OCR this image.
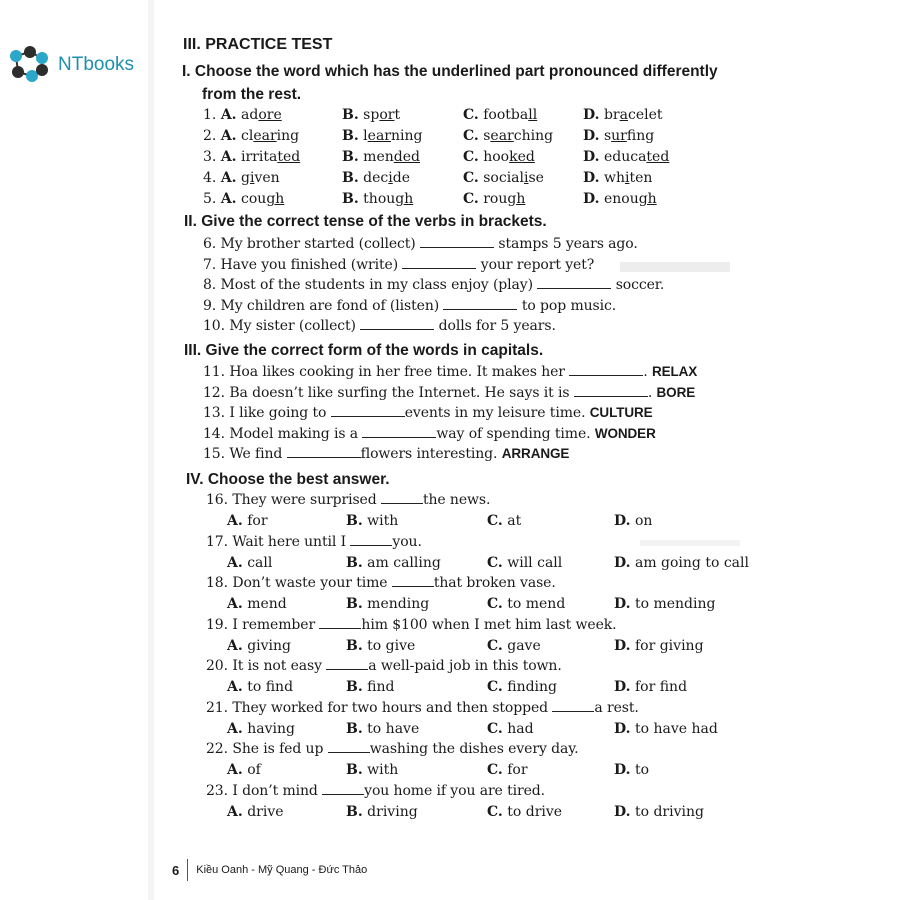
NTbooks
III. PRACTICE TEST
I. Choose the word which has the underlined part pronounced differently
from the rest.
1. A. adore	B. sport	C. football	D. bracelet
2. A. clearing	B. learning	C. searching D. surfing
3. A. irritated	B. mended	C. hooked	D. educated
4. A. given	B. decide	C. socialise	D. whiten
5. A. cough	B. though	C. rough	D. enough
II. Give the correct tense of the verbs in brackets.
6. My brother started (collect)	stamps 5 years ago.
7. Have you finished (write)	your report yet?
8. Most of the students in my class enjoy (play)	soccer.
9. My children are fond of (listen)	to pop music.
10. My sister (collect)	dolls for 5 years.
III. Give the correct form of the words in capitals.
11. Hoa likes cooking in her free time. It makes her	. RELAX
12. Ba doesn’t like surfing the Internet. He says it is	. BORE
13. I like going to	events in my leisure time. CULTURE
14. Model making is a	way of spending time. WONDER
15. We find	flowers interesting. ARRANGE
IV. Choose the best answer.
16. They were surprised	the news.
A. for	B. with	C. at	D. on
17. Wait here until I	you.
A. call	B. am calling	C. will call	D. am going to call
18. Don’t waste your time	that broken vase.
A. mend	B. mending	C. to mend	D. to mending
19. I remember	him $100 when I met him last week.
A. giving	B. to give	C. gave	D. for giving
20. It is not easy	a well-paid job in this town.
A. to find	B. find	C. finding	D. for find
21. They worked for two hours and then stopped	a rest.
A. having	B. to have	C. had	D. to have had
22. She is fed up	washing the dishes every day.
A. of	B. with	C. for	D. to
23. I don’t mind	you home if you are tired.
A. drive	B. driving	C. to drive	D. to driving
6 Kiều Oanh - Mỹ Quang - Đức Thảo
